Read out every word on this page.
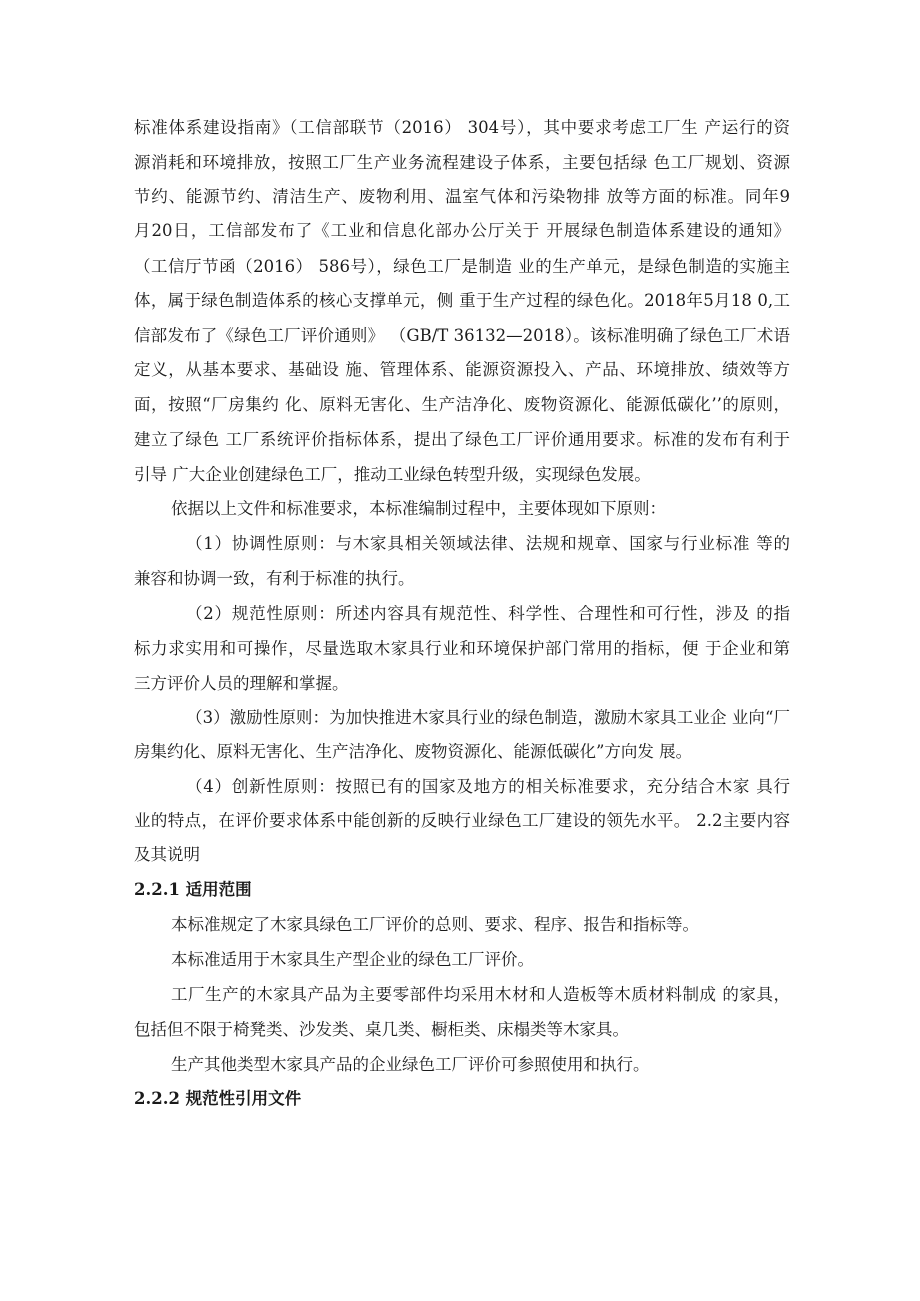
标准体系建设指南》（工信部联节（2016） 304号），其中要求考虑工厂生 产运行的资
源消耗和环境排放，按照工厂生产业务流程建设子体系，主要包括绿 色工厂规划、资源
节约、能源节约、清洁生产、废物利用、温室气体和污染物排 放等方面的标准。同年9
月20日，工信部发布了《工业和信息化部办公厅关于 开展绿色制造体系建设的通知》
（工信厅节函（2016） 586号），绿色工厂是制造 业的生产单元，是绿色制造的实施主
体，属于绿色制造体系的核心支撑单元，侧 重于生产过程的绿色化。2018年5月18 0,工
信部发布了《绿色工厂评价通则》 （GB/T 36132—2018）。该标准明确了绿色工厂术语
定义，从基本要求、基础设 施、管理体系、能源资源投入、产品、环境排放、绩效等方
面，按照“厂房集约 化、原料无害化、生产洁净化、废物资源化、能源低碳化’’的原则，
建立了绿色 工厂系统评价指标体系，提出了绿色工厂评价通用要求。标准的发布有利于
引导 广大企业创建绿色工厂，推动工业绿色转型升级，实现绿色发展。
依据以上文件和标准要求，本标准编制过程中，主要体现如下原则：
（1）协调性原则：与木家具相关领域法律、法规和规章、国家与行业标准 等的
兼容和协调一致，有利于标准的执行。
（2）规范性原则：所述内容具有规范性、科学性、合理性和可行性，涉及 的指
标力求实用和可操作，尽量选取木家具行业和环境保护部门常用的指标，便 于企业和第
三方评价人员的理解和掌握。
（3）激励性原则：为加快推进木家具行业的绿色制造，激励木家具工业企 业向“厂
房集约化、原料无害化、生产洁净化、废物资源化、能源低碳化”方向发 展。
（4）创新性原则：按照已有的国家及地方的相关标准要求，充分结合木家 具行
业的特点，在评价要求体系中能创新的反映行业绿色工厂建设的领先水平。 2.2主要内容
及其说明
2.2.1 适用范围
本标准规定了木家具绿色工厂评价的总则、要求、程序、报告和指标等。
本标准适用于木家具生产型企业的绿色工厂评价。
工厂生产的木家具产品为主要零部件均采用木材和人造板等木质材料制成 的家具，
包括但不限于椅凳类、沙发类、桌几类、橱柜类、床榻类等木家具。
生产其他类型木家具产品的企业绿色工厂评价可参照使用和执行。
2.2.2 规范性引用文件
